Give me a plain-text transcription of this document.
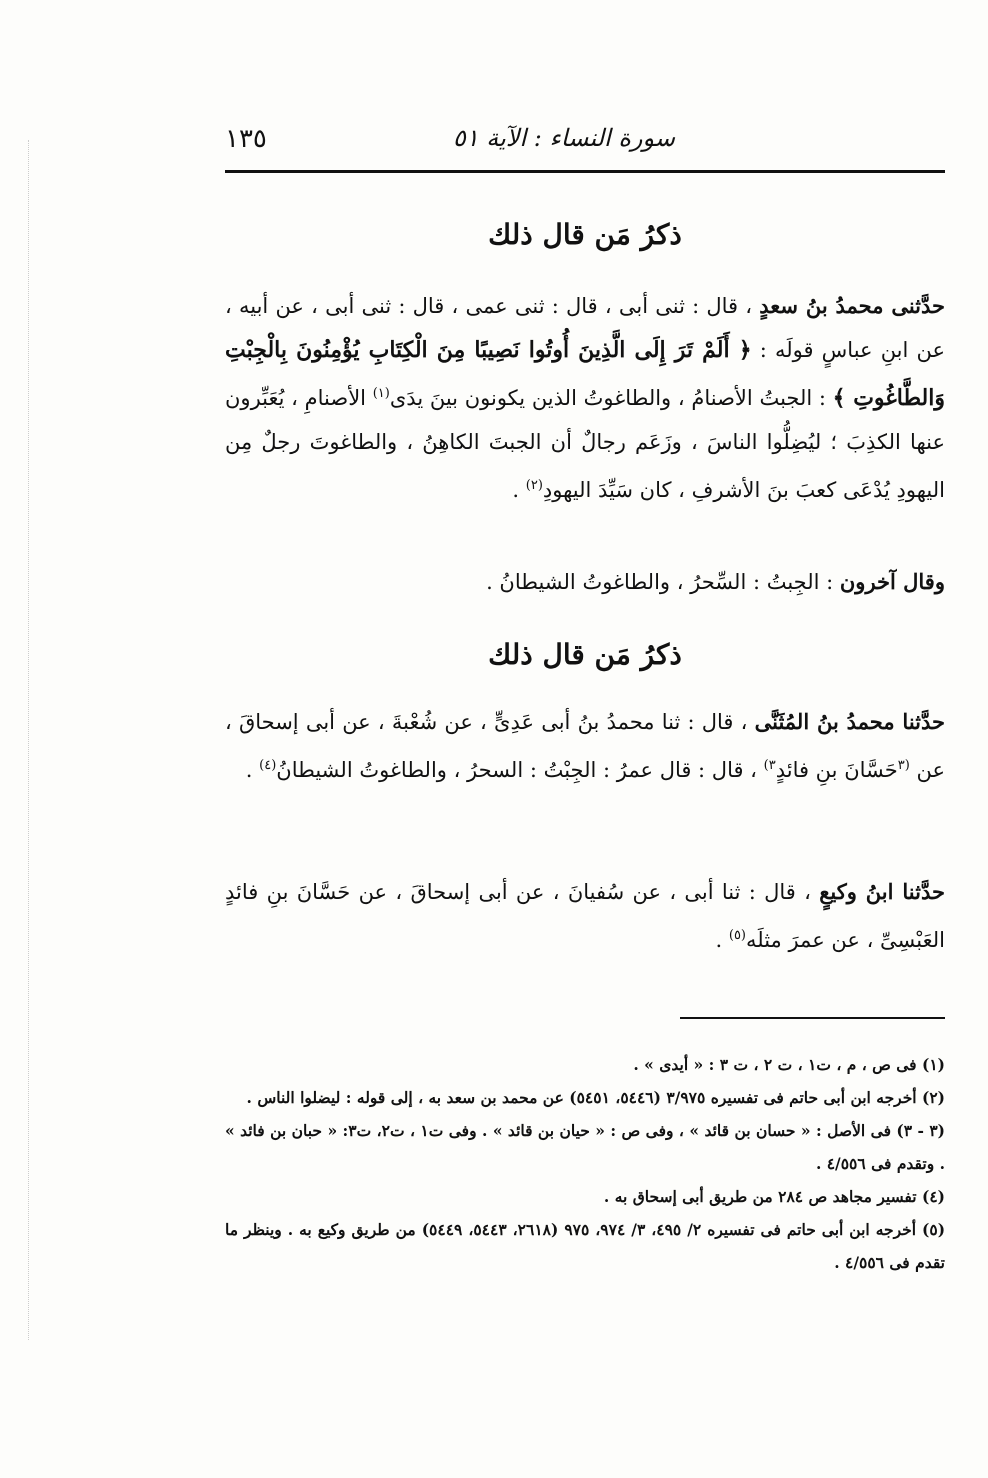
١٣٥	سورة النساء : الآية ٥١
ذكرُ مَن قال ذلك
حدَّثنى محمدُ بنُ سعدٍ ، قال : ثنى أبى ، قال : ثنى عمى ، قال : ثنى أبى ، عن أبيه ، عن ابنِ عباسٍ قولَه : ﴿ أَلَمْ تَرَ إِلَى الَّذِينَ أُوتُوا نَصِيبًا مِنَ الْكِتَابِ يُؤْمِنُونَ بِالْجِبْتِ وَالطَّاغُوتِ ﴾ : الجبتُ الأصنامُ ، والطاغوتُ الذين يكونون بينَ يدَى$^{(١)}$ الأصنامِ ، يُعَبِّرون عنها الكذِبَ ؛ ليُضِلُّوا الناسَ ، وزَعَم رجالٌ أن الجبتَ الكاهِنُ ، والطاغوتَ رجلٌ مِن اليهودِ يُدْعَى كعبَ بنَ الأشرفِ ، كان سَيِّدَ اليهودِ$^{(٢)}$ .
وقال آخرون : الجِبتُ : السِّحرُ ، والطاغوتُ الشيطانُ .
ذكرُ مَن قال ذلك
حدَّثنا محمدُ بنُ المُثَنَّى ، قال : ثنا محمدُ بنُ أبى عَدِىٍّ ، عن شُعْبةَ ، عن أبى إسحاقَ ، عن $^{(٣}$حَسَّانَ بنِ فائدٍ$^{٣)}$ ، قال : قال عمرُ : الجِبْتُ : السحرُ ، والطاغوتُ الشيطانُ$^{(٤)}$ .
حدَّثنا ابنُ وكيعٍ ، قال : ثنا أبى ، عن سُفيانَ ، عن أبى إسحاقَ ، عن حَسَّانَ بنِ فائدٍ العَبْسِىِّ ، عن عمرَ مثلَه$^{(٥)}$ .

(١) فى ص ، م ، ت١ ، ت ٢ ، ت ٣ : « أيدى » .

(٢) أخرجه ابن أبى حاتم فى تفسيره ٣/٩٧٥ (٥٤٤٦، ٥٤٥١) عن محمد بن سعد به ، إلى قوله : ليضلوا الناس .

(٣ - ٣) فى الأصل : « حسان بن قائد » ، وفى ص : « حيان بن قائد » . وفى ت١ ، ت٢، ت٣: « حبان بن فائد » . وتقدم فى ٤/٥٥٦ .

(٤) تفسير مجاهد ص ٢٨٤ من طريق أبى إسحاق به .

(٥) أخرجه ابن أبى حاتم فى تفسيره ٢/ ٤٩٥، ٣/ ٩٧٤، ٩٧٥ (٢٦١٨، ٥٤٤٣، ٥٤٤٩) من طريق وكيع به . وينظر ما تقدم فى ٤/٥٥٦ .
